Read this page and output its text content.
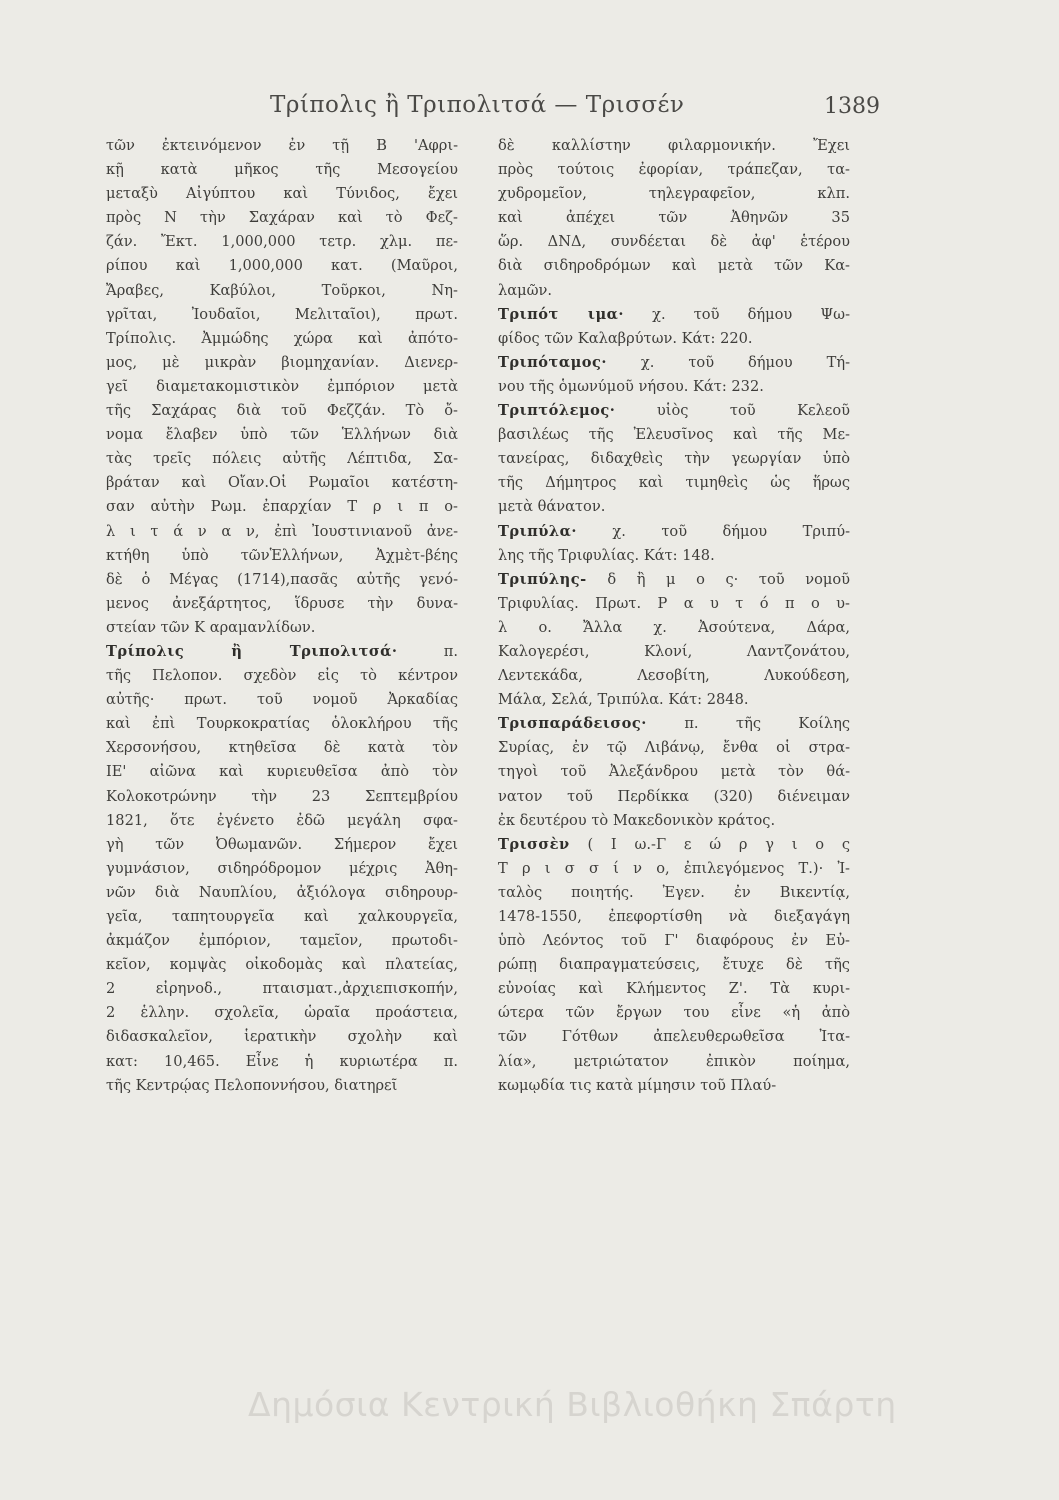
Τρίπολις ἢ Τριπολιτσά — Τρισσέν	1389

τῶν ἐκτεινόμενον ἐν τῇ Β 'Αφρι-
κῇ κατὰ μῆκος τῆς Μεσογείου
μεταξὺ Αἰγύπτου καὶ Τύνιδος, ἔχει
πρὸς Ν τὴν Σαχάραν καὶ τὸ Φεζ-
ζάν. Ἔκτ. 1,000,000 τετρ. χλμ. πε-
ρίπου καὶ 1,000,000 κατ. (Μαῦροι,
Ἄραβες, Καβύλοι, Τοῦρκοι, Νη-
γρῖται, Ἰουδαῖοι, Μελιταῖοι), πρωτ.
Τρίπολις. Ἀμμώδης χώρα καὶ ἀπότο-
μος, μὲ μικρὰν βιομηχανίαν. Διενερ-
γεῖ διαμετακομιστικὸν ἐμπόριον μετὰ
τῆς Σαχάρας διὰ τοῦ Φεζζάν. Τὸ ὄ-
νομα ἔλαβεν ὑπὸ τῶν Ἑλλήνων διὰ
τὰς τρεῖς πόλεις αὐτῆς Λέπτιδα, Σα-
βράταν καὶ Οἴαν.Οἱ Ρωμαῖοι κατέστη-
σαν αὐτὴν Ρωμ. ἐπαρχίαν Τ ρ ι π ο-
λ ι τ ά ν α ν, ἐπὶ Ἰουστινιανοῦ ἀνε-
κτήθη ὑπὸ τῶνἙλλήνων, Ἀχμὲτ-βέης
δὲ ὁ Μέγας (1714),πασᾶς αὐτῆς γενό-
μενος ἀνεξάρτητος, ἵδρυσε τὴν δυνα-
στείαν τῶν Κ αραμανλίδων.

Τρίπολις ἢ Τριπολιτσά·	π.
τῆς Πελοπον. σχεδὸν εἰς τὸ κέντρον
αὐτῆς· πρωτ. τοῦ νομοῦ Ἀρκαδίας
καὶ ἐπὶ Τουρκοκρατίας ὁλοκλήρου τῆς
Χερσονήσου, κτηθεῖσα δὲ κατὰ τὸν
ΙΕ' αἰῶνα καὶ κυριευθεῖσα ἀπὸ τὸν
Κολοκοτρώνην τὴν 23 Σεπτεμβρίου
1821, ὅτε ἐγένετο ἐδῶ μεγάλη σφα-
γὴ τῶν Ὀθωμανῶν. Σήμερον ἔχει
γυμνάσιον, σιδηρόδρομον μέχρις Ἀθη-
νῶν διὰ Ναυπλίου, ἀξιόλογα σιδηρουρ-
γεῖα, ταπητουργεῖα καὶ χαλκουργεῖα,
ἀκμάζον ἐμπόριον, ταμεῖον, πρωτοδι-
κεῖον, κομψὰς οἰκοδομὰς καὶ πλατείας,
2 εἰρηνοδ., πταισματ.,ἀρχιεπισκοπήν,
2 ἑλλην. σχολεῖα, ὡραῖα προάστεια,
διδασκαλεῖον, ἱερατικὴν σχολὴν καὶ
κατ: 10,465. Εἶνε ἡ κυριωτέρα π.
τῆς Κεντρῴας Πελοποννήσου, διατηρεῖ

δὲ καλλίστην φιλαρμονικήν. Ἔχει
πρὸς τούτοις ἐφορίαν, τράπεζαν, τα-
χυδρομεῖον, τηλεγραφεῖον, κλπ.
καὶ ἀπέχει τῶν Ἀθηνῶν 35
ὥρ. ΔΝΔ, συνδέεται δὲ ἀφ' ἑτέρου
διὰ σιδηροδρόμων καὶ μετὰ τῶν Κα-
λαμῶν.

Τριπότ ιμα· χ. τοῦ δήμου Ψω-
φίδος τῶν Καλαβρύτων. Κάτ: 220.

Τριπόταμος· χ. τοῦ δήμου Τή-
νου τῆς ὁμωνύμοῦ νήσου. Κάτ: 232.

Τριπτόλεμος·	υἱὸς τοῦ Κελεοῦ
βασιλέως τῆς Ἐλευσῖνος καὶ τῆς Με-
τανείρας, διδαχθεὶς τὴν γεωργίαν ὑπὸ
τῆς Δήμητρος καὶ τιμηθεὶς ὡς ἥρως
μετὰ θάνατον.

Τριπύλα· χ. τοῦ δήμου Τριπύ-
λης τῆς Τριφυλίας. Κάτ: 148.

Τριπύλης- δ ἢ μ ο ς· τοῦ νομοῦ
Τριφυλίας. Πρωτ. Ρ α υ τ ό π ο υ-
λ ο. Ἄλλα χ. Ἀσούτενα, Δάρα,
Καλογερέσι, Κλονί, Λαντζονάτου,
Λεντεκάδα, Λεσοβίτη, Λυκούδεση,
Μάλα, Σελά, Τριπύλα. Κάτ: 2848.

Τρισπαράδεισος·	π. τῆς Κοίλης
Συρίας, ἐν τῷ Λιβάνῳ, ἔνθα οἱ στρα-
τηγοὶ τοῦ Ἀλεξάνδρου μετὰ τὸν θά-
νατον τοῦ Περδίκκα (320) διένειμαν
ἐκ δευτέρου τὸ Μακεδονικὸν κράτος.

Τρισσὲν ( Ι ω.-Γ ε ώ ρ γ ι ο ς
Τ ρ ι σ σ ί ν ο, ἐπιλεγόμενος Τ.)· Ἰ-
ταλὸς ποιητής. Ἐγεν. ἐν Βικεντίᾳ,
1478-1550, ἐπεφορτίσθη νὰ διεξαγάγη
ὑπὸ Λεόντος τοῦ Γ' διαφόρους ἐν Εὐ-
ρώπῃ διαπραγματεύσεις, ἔτυχε δὲ τῆς
εὐνοίας καὶ Κλήμεντος Ζ'. Τὰ κυρι-
ώτερα τῶν ἔργων του εἶνε «ἡ ἀπὸ
τῶν Γότθων ἀπελευθερωθεῖσα Ἰτα-
λία», μετριώτατον ἐπικὸν ποίημα,
κωμῳδία τις κατὰ μίμησιν τοῦ Πλαύ-

Δημόσια Κεντρική Βιβλιοθήκη Σπάρτη
